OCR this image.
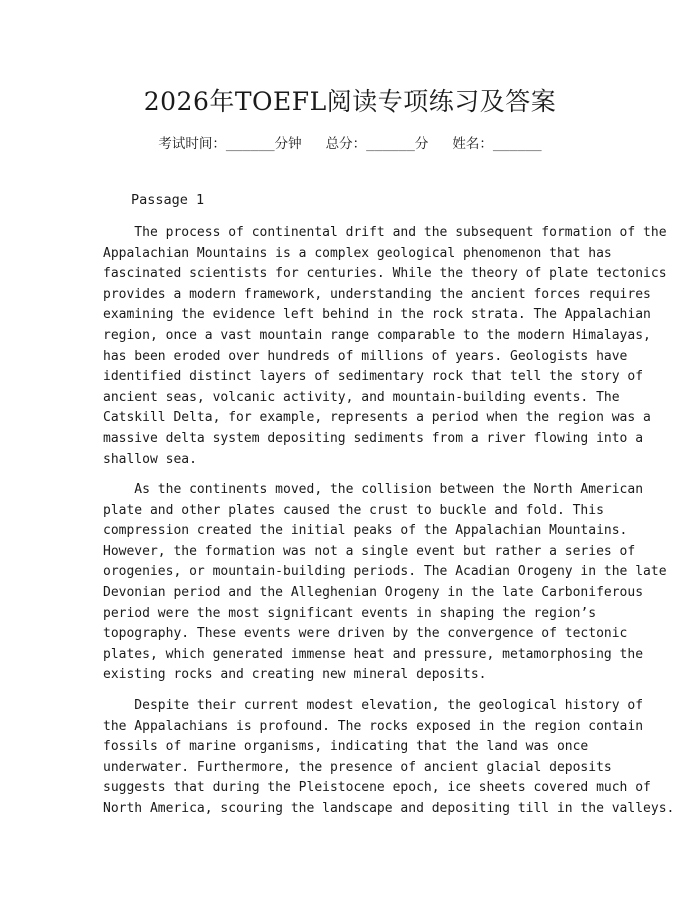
2026年TOEFL阅读专项练习及答案
考试时间：______分钟 总分：______分 姓名：______
Passage 1
The process of continental drift and the subsequent formation of the
Appalachian Mountains is a complex geological phenomenon that has
fascinated scientists for centuries. While the theory of plate tectonics
provides a modern framework, understanding the ancient forces requires
examining the evidence left behind in the rock strata. The Appalachian
region, once a vast mountain range comparable to the modern Himalayas,
has been eroded over hundreds of millions of years. Geologists have
identified distinct layers of sedimentary rock that tell the story of
ancient seas, volcanic activity, and mountain-building events. The
Catskill Delta, for example, represents a period when the region was a
massive delta system depositing sediments from a river flowing into a
shallow sea.
As the continents moved, the collision between the North American
plate and other plates caused the crust to buckle and fold. This
compression created the initial peaks of the Appalachian Mountains.
However, the formation was not a single event but rather a series of
orogenies, or mountain-building periods. The Acadian Orogeny in the late
Devonian period and the Alleghenian Orogeny in the late Carboniferous
period were the most significant events in shaping the region’s
topography. These events were driven by the convergence of tectonic
plates, which generated immense heat and pressure, metamorphosing the
existing rocks and creating new mineral deposits.
Despite their current modest elevation, the geological history of
the Appalachians is profound. The rocks exposed in the region contain
fossils of marine organisms, indicating that the land was once
underwater. Furthermore, the presence of ancient glacial deposits
suggests that during the Pleistocene epoch, ice sheets covered much of
North America, scouring the landscape and depositing till in the valleys.
